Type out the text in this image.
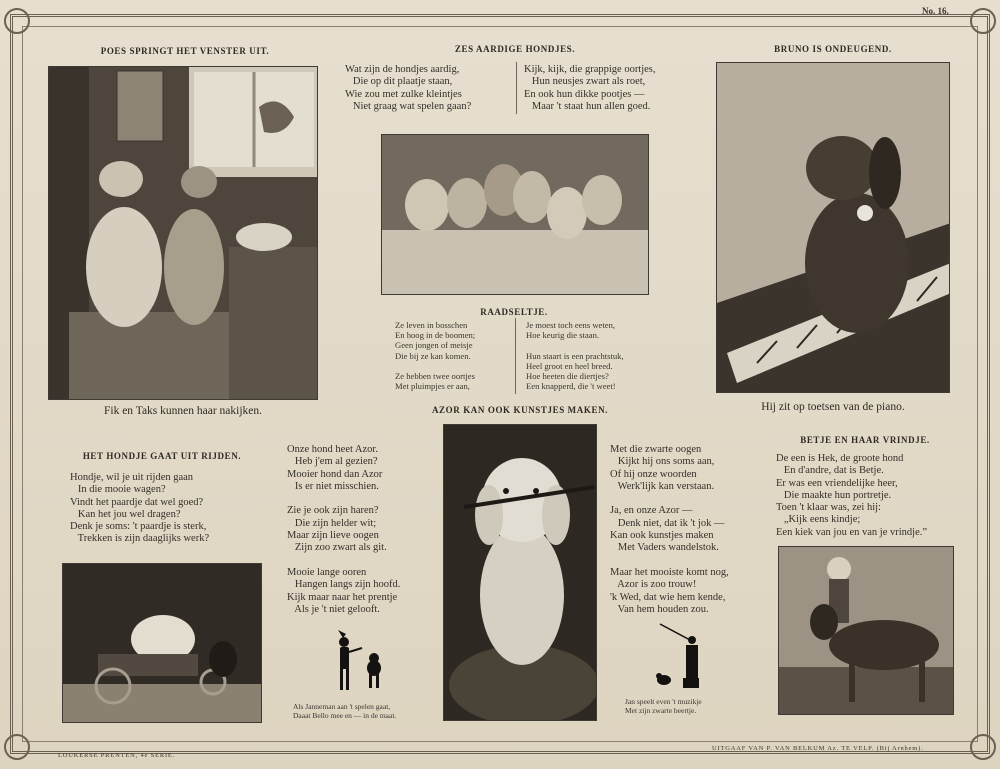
No. 16.
POES SPRINGT HET VENSTER UIT.
Fik en Taks kunnen haar nakijken.
ZES AARDIGE HONDJES.
Wat zijn de hondjes aardig,
Die op dit plaatje staan,
Wie zou met zulke kleintjes
Niet graag wat spelen gaan?
Kijk, kijk, die grappige oortjes,
Hun neusjes zwart als roet,
En ook hun dikke pootjes —
Maar 't staat hun allen goed.
RAADSELTJE.
Ze leven in bosschen
En hoog in de boomen;
Geen jongen of meisje
Die bij ze kan komen.

Ze hebben twee oortjes
Met pluimpjes er aan,
Je moest toch eens weten,
Hoe keurig die staan.

Hun staart is een prachtstuk,
Heel groot en heel breed.
Hoe heeten die diertjes?
Een knapperd, die 't weet!
BRUNO IS ONDEUGEND.
Hij zit op toetsen van de piano.
HET HONDJE GAAT UIT RIJDEN.
Hondje, wil je uit rijden gaan
In die mooie wagen?
Vindt het paardje dat wel goed?
Kan het jou wel dragen?
Denk je soms: 't paardje is sterk,
Trekken is zijn daaglijks werk?
Onze hond heet Azor.
Heb j'em al gezien?
Mooier hond dan Azor
Is er niet misschien.

Zie je ook zijn haren?
Die zijn helder wit;
Maar zijn lieve oogen
Zijn zoo zwart als git.

Mooie lange ooren
Hangen langs zijn hoofd.
Kijk maar naar het prentje
Als je 't niet gelooft.
Als Janneman aan 't spelen gaat,
Daaat Bello mee en — in de maat.
AZOR KAN OOK KUNSTJES MAKEN.
Met die zwarte oogen
Kijkt hij ons soms aan,
Of hij onze woorden
Werk'lijk kan verstaan.

Ja, en onze Azor —
Denk niet, dat ik 't jok —
Kan ook kunstjes maken
Met Vaders wandelstok.

Maar het mooiste komt nog,
Azor is zoo trouw!
'k Wed, dat wie hem kende,
Van hem houden zou.
Jan speelt even 't muzikje
Met zijn zwarte beertje.
BETJE EN HAAR VRINDJE.
De een is Hek, de groote hond
En d'andre, dat is Betje.
Er was een vriendelijke heer,
Die maakte hun portretje.
Toen 't klaar was, zei hij:
„Kijk eens kindje;
Een kiek van jou en van je vrindje.”
LOUKERSE PRENTEN, 4e SERIE.
UITGAAF VAN P. VAN BELKUM Az. TE VELP. (Bij Arnhem).
